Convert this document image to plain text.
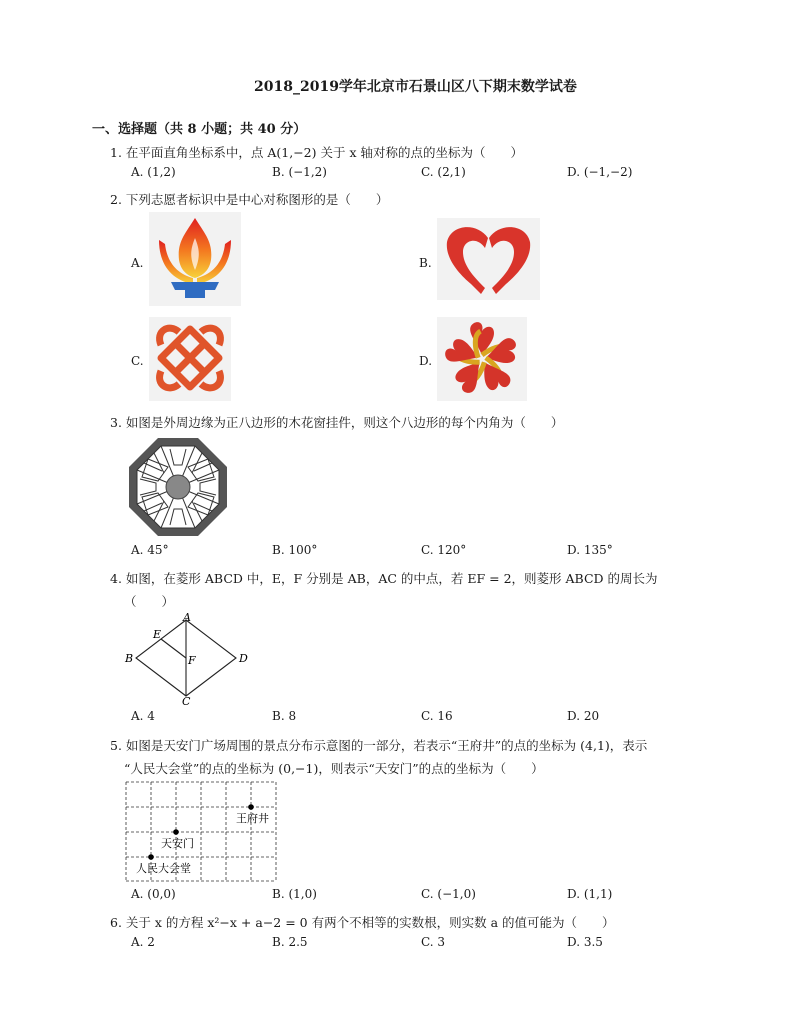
2018_2019学年北京市石景山区八下期末数学试卷
一、选择题（共 8 小题；共 40 分）
1. 在平面直角坐标系中，点 A(1,−2) 关于 x 轴对称的点的坐标为（　　）
A. (1,2)	B. (−1,2)	C. (2,1)	D. (−1,−2)
2. 下列志愿者标识中是中心对称图形的是（　　）
A.	B.
C.	D.
3. 如图是外周边缘为正八边形的木花窗挂件，则这个八边形的每个内角为（　　）
A. 45°	B. 100°	C. 120°	D. 135°
4. 如图，在菱形 ABCD 中，E，F 分别是 AB，AC 的中点，若 EF = 2，则菱形 ABCD 的周长为
（　　）
A
B
C
D
E
F
A. 4	B. 8	C. 16	D. 20
5. 如图是天安门广场周围的景点分布示意图的一部分，若表示“王府井”的点的坐标为 (4,1)，表示
“人民大会堂”的点的坐标为 (0,−1)，则表示“天安门”的点的坐标为（　　）
王府井
天安门
人民大会堂
A. (0,0)	B. (1,0)	C. (−1,0)	D. (1,1)
6. 关于 x 的方程 x²−x + a−2 = 0 有两个不相等的实数根，则实数 a 的值可能为（　　）
A. 2	B. 2.5	C. 3	D. 3.5
